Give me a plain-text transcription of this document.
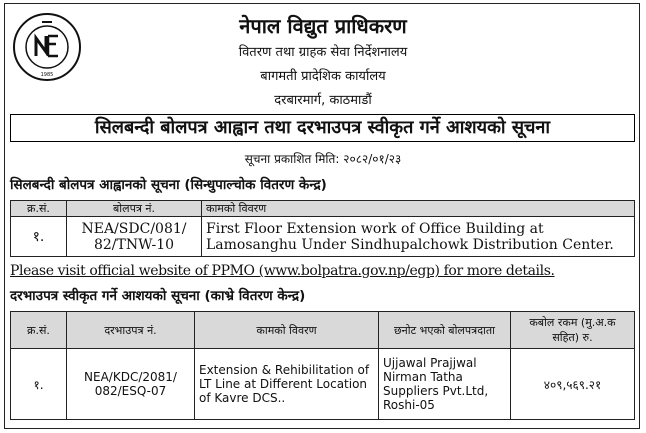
1985
नेपाल विद्युत प्राधिकरण
वितरण तथा ग्राहक सेवा निर्देशनालय
बागमती प्रादेशिक कार्यालय
दरबारमार्ग, काठमाडौं
सिलबन्दी बोलपत्र आह्वान तथा दरभाउपत्र स्वीकृत गर्ने आशयको सूचना
सूचना प्रकाशित मिति: २०८२/०१/२३
सिलबन्दी बोलपत्र आह्वानको सूचना (सिन्धुपाल्चोक वितरण केन्द्र)
क्र.सं.	बोलपत्र नं.	कामको विवरण
१.	NEA/SDC/081/ 82/TNW-10	First Floor Extension work of Office Building at Lamosanghu Under Sindhupalchowk Distribution Center.
Please visit official website of PPMO (www.bolpatra.gov.np/egp) for more details.
दरभाउपत्र स्वीकृत गर्ने आशयको सूचना (काभ्रे वितरण केन्द्र)
क्र.सं.	दरभाउपत्र नं.	कामको विवरण	छनोट भएको बोलपत्रदाता	कबोल रकम (मु.अ.क सहित) रु.
१.	NEA/KDC/2081/ 082/ESQ-07	Extension & Rehibilitation of LT Line at Different Location of Kavre DCS..	Ujjawal Prajjwal Nirman Tatha Suppliers Pvt.Ltd, Roshi-05	४०९,५६९.२१
